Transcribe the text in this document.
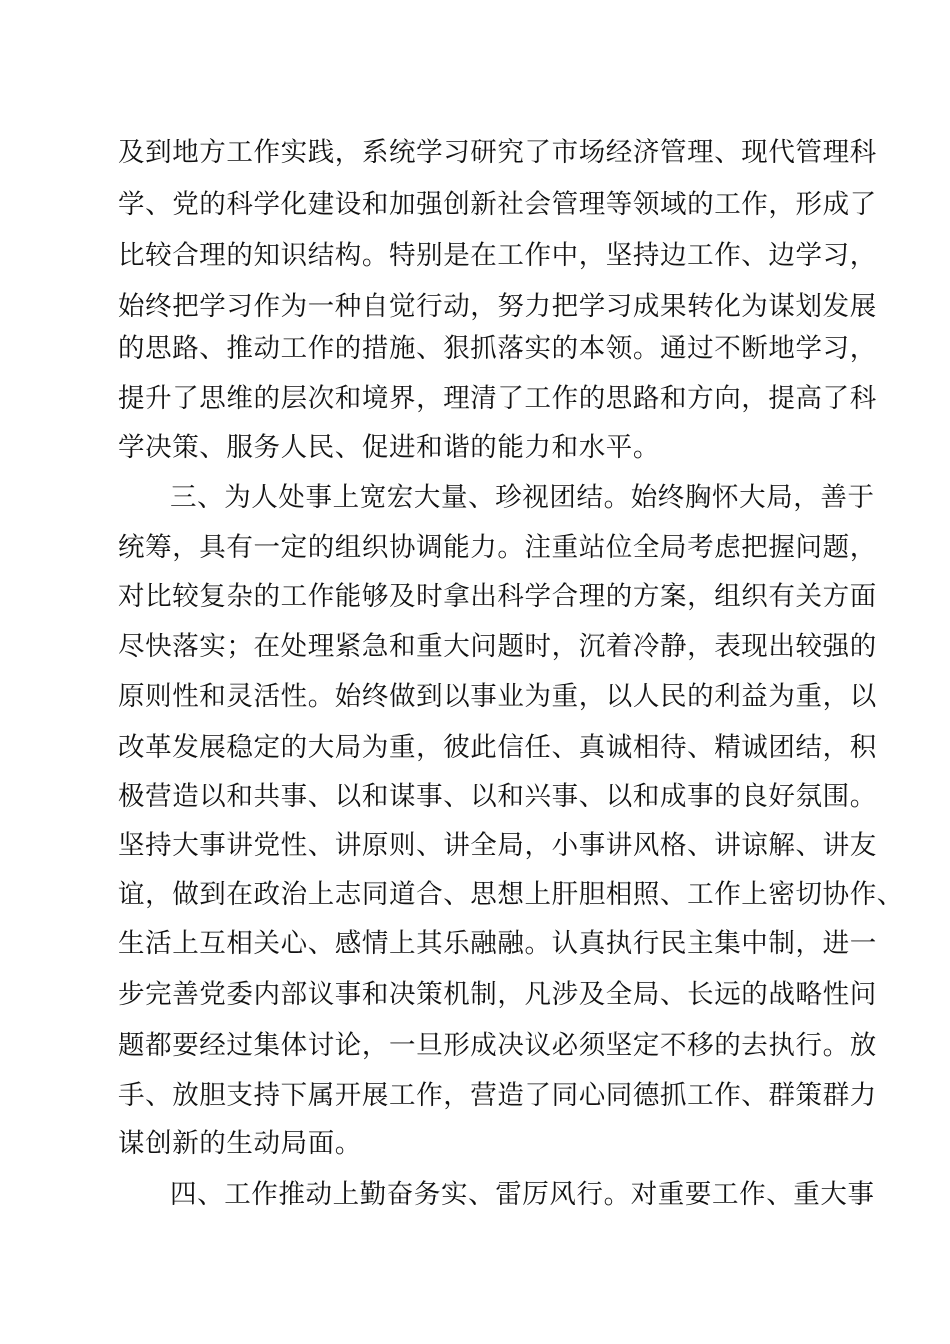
及到地方工作实践，系统学习研究了市场经济管理、现代管理科
学、党的科学化建设和加强创新社会管理等领域的工作，形成了
比较合理的知识结构。特别是在工作中，坚持边工作、边学习，
始终把学习作为一种自觉行动，努力把学习成果转化为谋划发展
的思路、推动工作的措施、狠抓落实的本领。通过不断地学习，
提升了思维的层次和境界，理清了工作的思路和方向，提高了科
学决策、服务人民、促进和谐的能力和水平。
三、为人处事上宽宏大量、珍视团结。始终胸怀大局，善于
统筹，具有一定的组织协调能力。注重站位全局考虑把握问题，
对比较复杂的工作能够及时拿出科学合理的方案，组织有关方面
尽快落实；在处理紧急和重大问题时，沉着冷静，表现出较强的
原则性和灵活性。始终做到以事业为重，以人民的利益为重，以
改革发展稳定的大局为重，彼此信任、真诚相待、精诚团结，积
极营造以和共事、以和谋事、以和兴事、以和成事的良好氛围。
坚持大事讲党性、讲原则、讲全局，小事讲风格、讲谅解、讲友
谊，做到在政治上志同道合、思想上肝胆相照、工作上密切协作、
生活上互相关心、感情上其乐融融。认真执行民主集中制，进一
步完善党委内部议事和决策机制，凡涉及全局、长远的战略性问
题都要经过集体讨论，一旦形成决议必须坚定不移的去执行。放
手、放胆支持下属开展工作，营造了同心同德抓工作、群策群力
谋创新的生动局面。
四、工作推动上勤奋务实、雷厉风行。对重要工作、重大事
